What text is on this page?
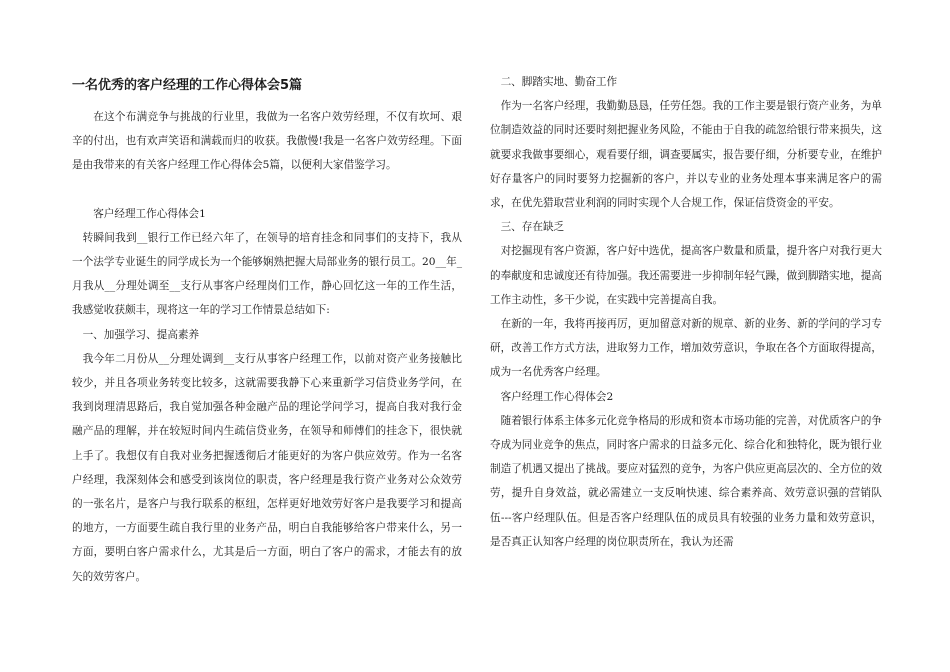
一名优秀的客户经理的工作心得体会5篇

在这个布满竞争与挑战的行业里，我做为一名客户效劳经理，不仅有坎坷、艰辛的付出，也有欢声笑语和满载而归的收获。我傲慢!我是一名客户效劳经理。下面是由我带来的有关客户经理工作心得体会5篇，以便利大家借鉴学习。

客户经理工作心得体会1

转瞬间我到__银行工作已经六年了，在领导的培育挂念和同事们的支持下，我从一个法学专业诞生的同学成长为一个能够娴熟把握大局部业务的银行员工。20__年_月我从__分理处调至__支行从事客户经理岗们工作，静心回忆这一年的工作生活，我感觉收获颇丰，现将这一年的学习工作情景总结如下:

一、加强学习、提高素养

我今年二月份从__分理处调到__支行从事客户经理工作，以前对资产业务接触比较少，并且各项业务转变比较多，这就需要我静下心来重新学习信贷业务学问，在我到岗理清思路后，我自觉加强各种金融产品的理论学问学习，提高自我对我行金融产品的理解，并在较短时间内生疏信贷业务，在领导和师傅们的挂念下，很快就上手了。我想仅有自我对业务把握透彻后才能更好的为客户供应效劳。作为一名客户经理，我深刻体会和感受到该岗位的职责，客户经理是我行资产业务对公众效劳的一张名片，是客户与我行联系的枢纽，怎样更好地效劳好客户是我要学习和提高的地方，一方面要生疏自我行里的业务产品，明白自我能够给客户带来什么，另一方面，要明白客户需求什么，尤其是后一方面，明白了客户的需求，才能去有的放矢的效劳客户。

二、脚踏实地、勤奋工作

作为一名客户经理，我勤勤恳恳，任劳任怨。我的工作主要是银行资产业务，为单位制造效益的同时还要时刻把握业务风险，不能由于自我的疏忽给银行带来损失，这就要求我做事要细心，观看要仔细，调查要属实，报告要仔细，分析要专业，在维护好存量客户的同时要努力挖掘新的客户，并以专业的业务处理本事来满足客户的需求，在优先猎取营业利润的同时实现个人合规工作，保证信贷资金的平安。

三、存在缺乏

对挖掘现有客户资源，客户好中选优，提高客户数量和质量，提升客户对我行更大的奉献度和忠诚度还有待加强。我还需要进一步抑制年轻气躁，做到脚踏实地，提高工作主动性，多干少说，在实践中完善提高自我。

在新的一年，我将再接再厉，更加留意对新的规章、新的业务、新的学问的学习专研，改善工作方式方法，进取努力工作，增加效劳意识，争取在各个方面取得提高，成为一名优秀客户经理。

客户经理工作心得体会2

随着银行体系主体多元化竞争格局的形成和资本市场功能的完善，对优质客户的争夺成为同业竞争的焦点，同时客户需求的日益多元化、综合化和独特化，既为银行业制造了机遇又提出了挑战。要应对猛烈的竞争，为客户供应更高层次的、全方位的效劳，提升自身效益，就必需建立一支反响快速、综合素养高、效劳意识强的营销队伍---客户经理队伍。但是否客户经理队伍的成员具有较强的业务力量和效劳意识，是否真正认知客户经理的岗位职责所在，我认为还需
